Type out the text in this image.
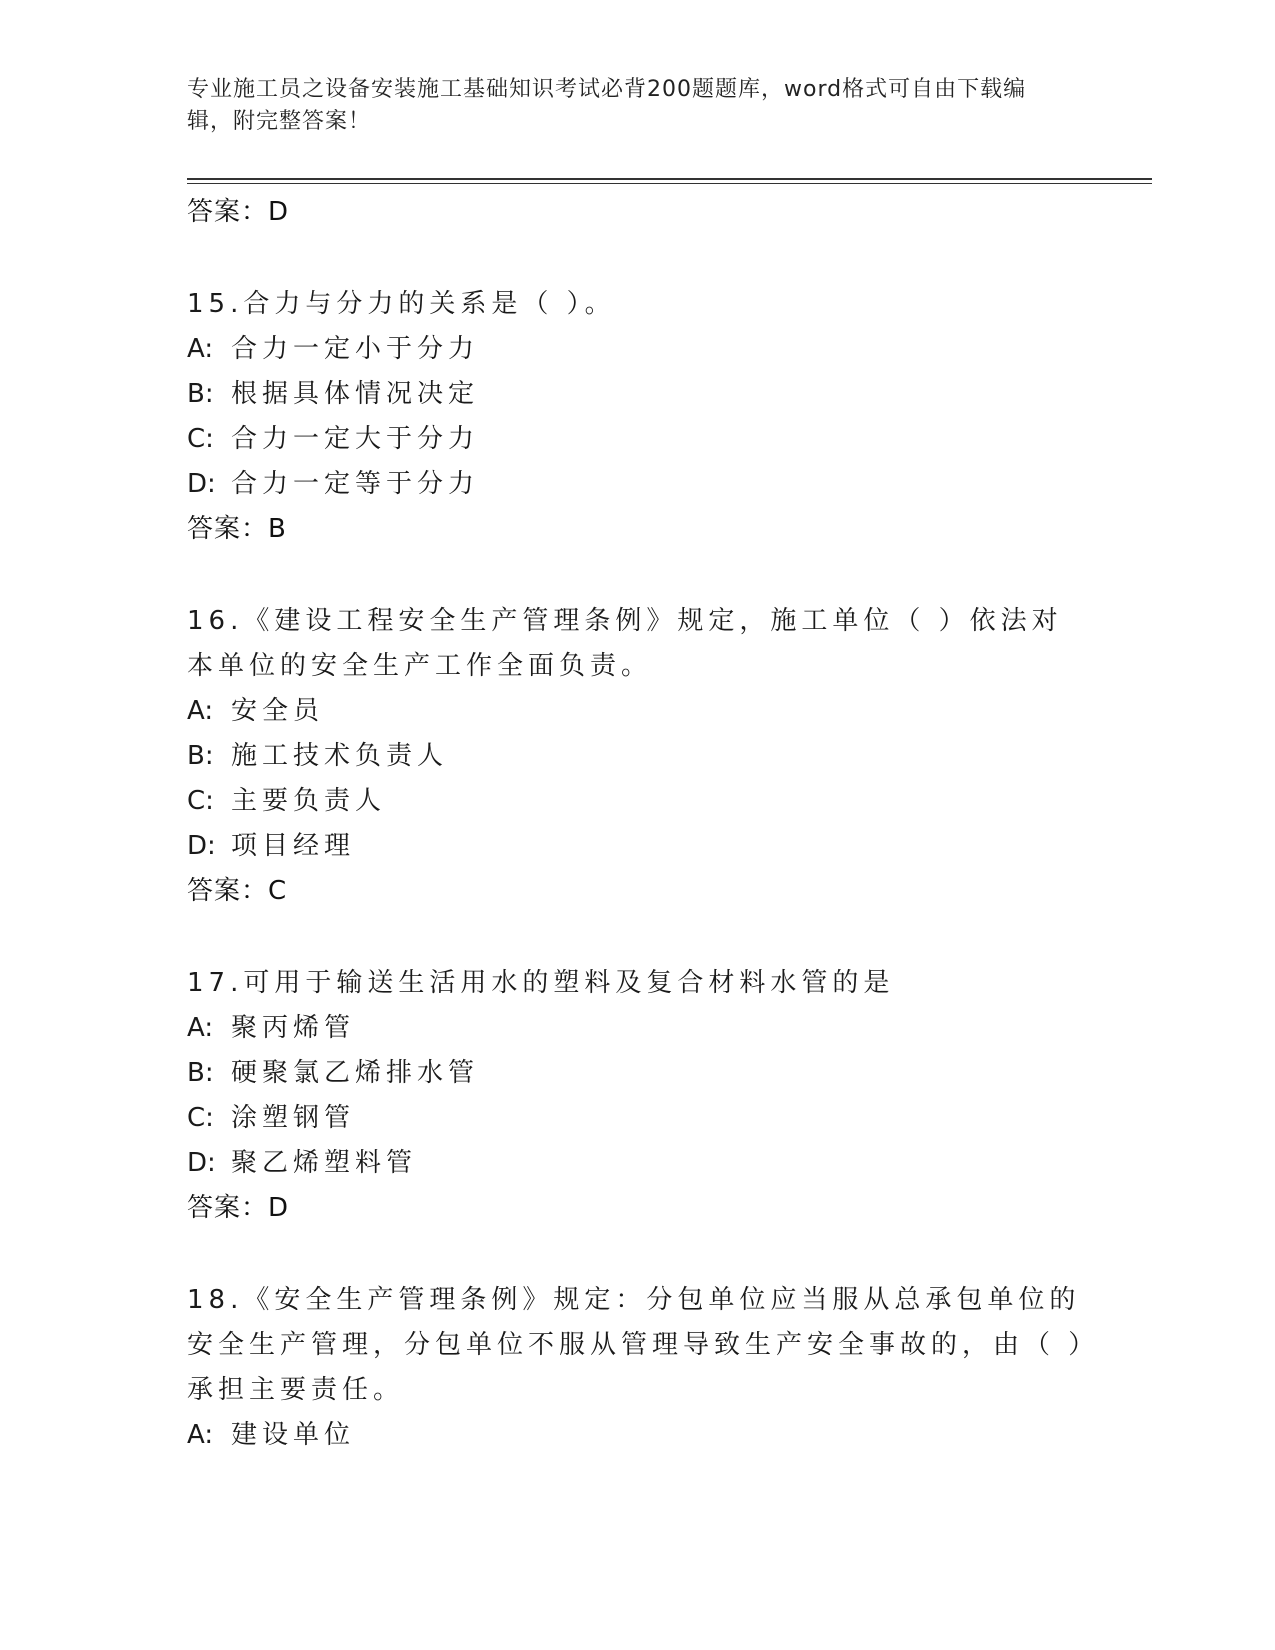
专业施工员之设备安装施工基础知识考试必背200题题库，word格式可自由下载编辑，附完整答案！
答案：D
15.合力与分力的关系是（ ）。
A: 合力一定小于分力
B: 根据具体情况决定
C: 合力一定大于分力
D: 合力一定等于分力
答案：B
16.《建设工程安全生产管理条例》规定，施工单位（ ）依法对本单位的安全生产工作全面负责。
A: 安全员
B: 施工技术负责人
C: 主要负责人
D: 项目经理
答案：C
17.可用于输送生活用水的塑料及复合材料水管的是
A: 聚丙烯管
B: 硬聚氯乙烯排水管
C: 涂塑钢管
D: 聚乙烯塑料管
答案：D
18.《安全生产管理条例》规定：分包单位应当服从总承包单位的安全生产管理，分包单位不服从管理导致生产安全事故的，由（ ）承担主要责任。
A: 建设单位
